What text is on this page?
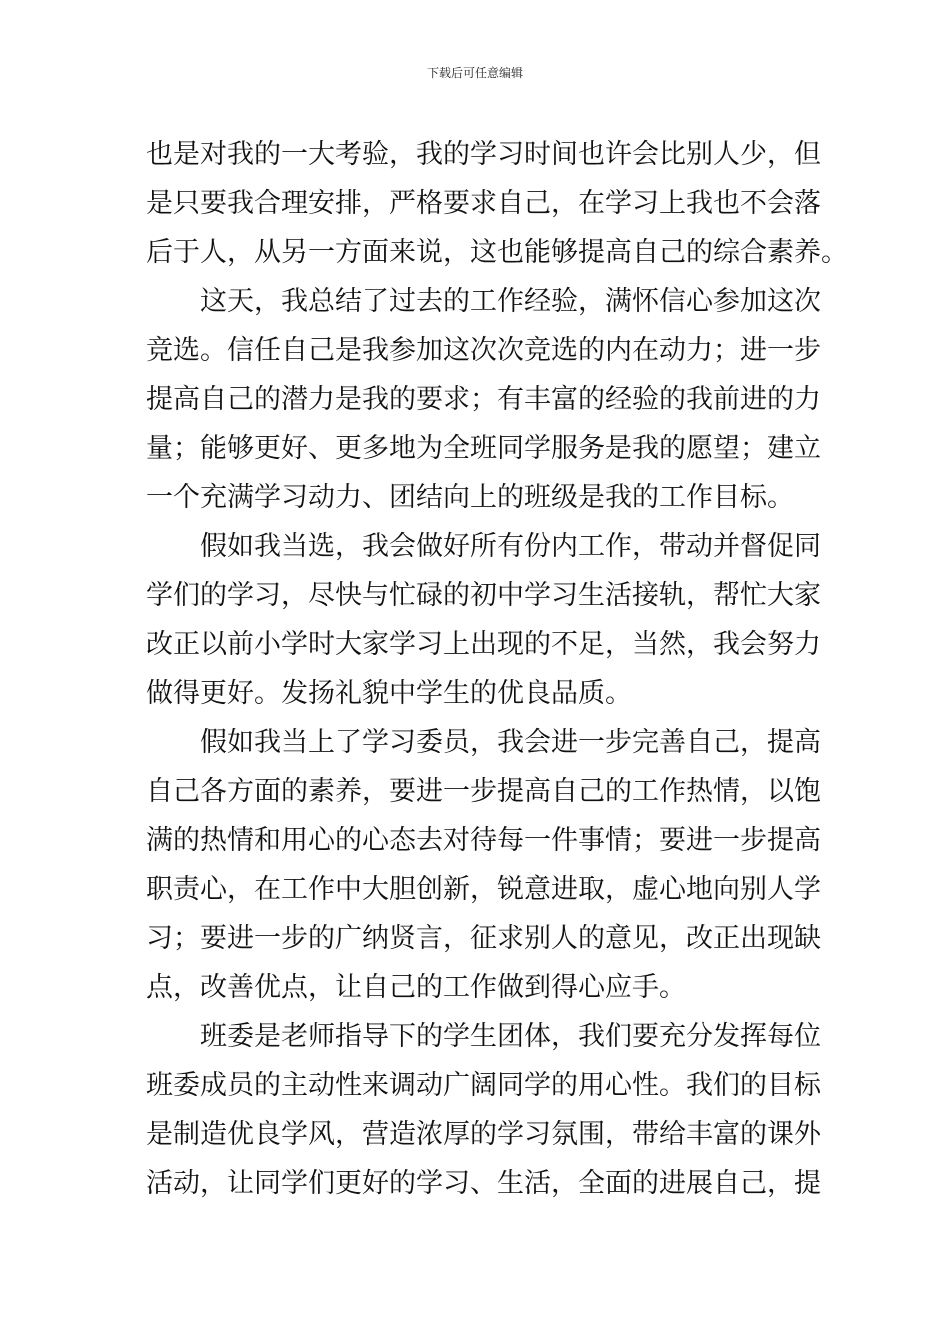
下载后可任意编辑
也是对我的一大考验，我的学习时间也许会比别人少，但
是只要我合理安排，严格要求自己，在学习上我也不会落
后于人，从另一方面来说，这也能够提高自己的综合素养。
这天，我总结了过去的工作经验，满怀信心参加这次
竞选。信任自己是我参加这次次竞选的内在动力；进一步
提高自己的潜力是我的要求；有丰富的经验的我前进的力
量；能够更好、更多地为全班同学服务是我的愿望；建立
一个充满学习动力、团结向上的班级是我的工作目标。
假如我当选，我会做好所有份内工作，带动并督促同
学们的学习，尽快与忙碌的初中学习生活接轨，帮忙大家
改正以前小学时大家学习上出现的不足，当然，我会努力
做得更好。发扬礼貌中学生的优良品质。
假如我当上了学习委员，我会进一步完善自己，提高
自己各方面的素养，要进一步提高自己的工作热情，以饱
满的热情和用心的心态去对待每一件事情；要进一步提高
职责心，在工作中大胆创新，锐意进取，虚心地向别人学
习；要进一步的广纳贤言，征求别人的意见，改正出现缺
点，改善优点，让自己的工作做到得心应手。
班委是老师指导下的学生团体，我们要充分发挥每位
班委成员的主动性来调动广阔同学的用心性。我们的目标
是制造优良学风，营造浓厚的学习氛围，带给丰富的课外
活动，让同学们更好的学习、生活，全面的进展自己，提
